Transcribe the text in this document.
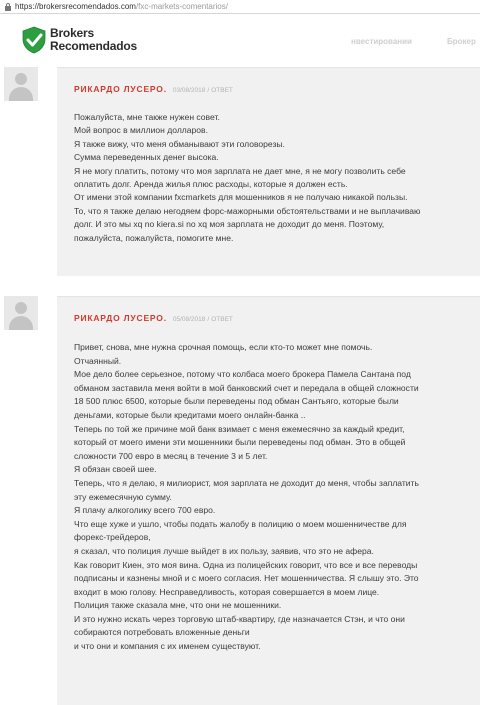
https://brokersrecomendados.com/fxc-markets-comentarios/
Brokers
Recomendados	нвестировании	Брокер
РИКАРДО ЛУСЕРО. 03/08/2018 / ОТВЕТ
Пожалуйста, мне также нужен совет.
Мой вопрос в миллион долларов.
Я также вижу, что меня обманывают эти головорезы.
Сумма переведенных денег высока.
Я не могу платить, потому что моя зарплата не дает мне, я не могу позволить себе
оплатить долг. Аренда жилья плюс расходы, которые я должен есть.
От имени этой компании fxcmarkets для мошенников я не получаю никакой пользы.
То, что я также делаю негодяем форс-мажорными обстоятельствами и не выплачиваю
долг. И это мы xq no kiera.si no xq моя зарплата не доходит до меня. Поэтому,
пожалуйста, пожалуйста, помогите мне.
РИКАРДО ЛУСЕРО. 05/08/2018 / ОТВЕТ
Привет, снова, мне нужна срочная помощь, если кто-то может мне помочь.
Отчаянный.
Мое дело более серьезное, потому что колбаса моего брокера Памела Сантана под
обманом заставила меня войти в мой банковский счет и передала в общей сложности
18 500 плюс 6500, которые были переведены под обман Сантьяго, которые были
деньгами, которые были кредитами моего онлайн-банка ..
Теперь по той же причине мой банк взимает с меня ежемесячно за каждый кредит,
который от моего имени эти мошенники были переведены под обман. Это в общей
сложности 700 евро в месяц в течение 3 и 5 лет.
Я обязан своей шее.
Теперь, что я делаю, я милиорист, моя зарплата не доходит до меня, чтобы заплатить
эту ежемесячную сумму.
Я плачу алкоголику всего 700 евро.
Что еще хуже и ушло, чтобы подать жалобу в полицию о моем мошенничестве для
форекс-трейдеров,
я сказал, что полиция лучше выйдет в их пользу, заявив, что это не афера.
Как говорит Киен, это моя вина. Одна из полицейских говорит, что все и все переводы
подписаны и казнены мной и с моего согласия. Нет мошенничества. Я слышу это. Это
входит в мою голову. Несправедливость, которая совершается в моем лице.
Полиция также сказала мне, что они не мошенники.
И это нужно искать через торговую штаб-квартиру, где назначается Стэн, и что они
собираются потребовать вложенные деньги
и что они и компания с их именем существуют.
